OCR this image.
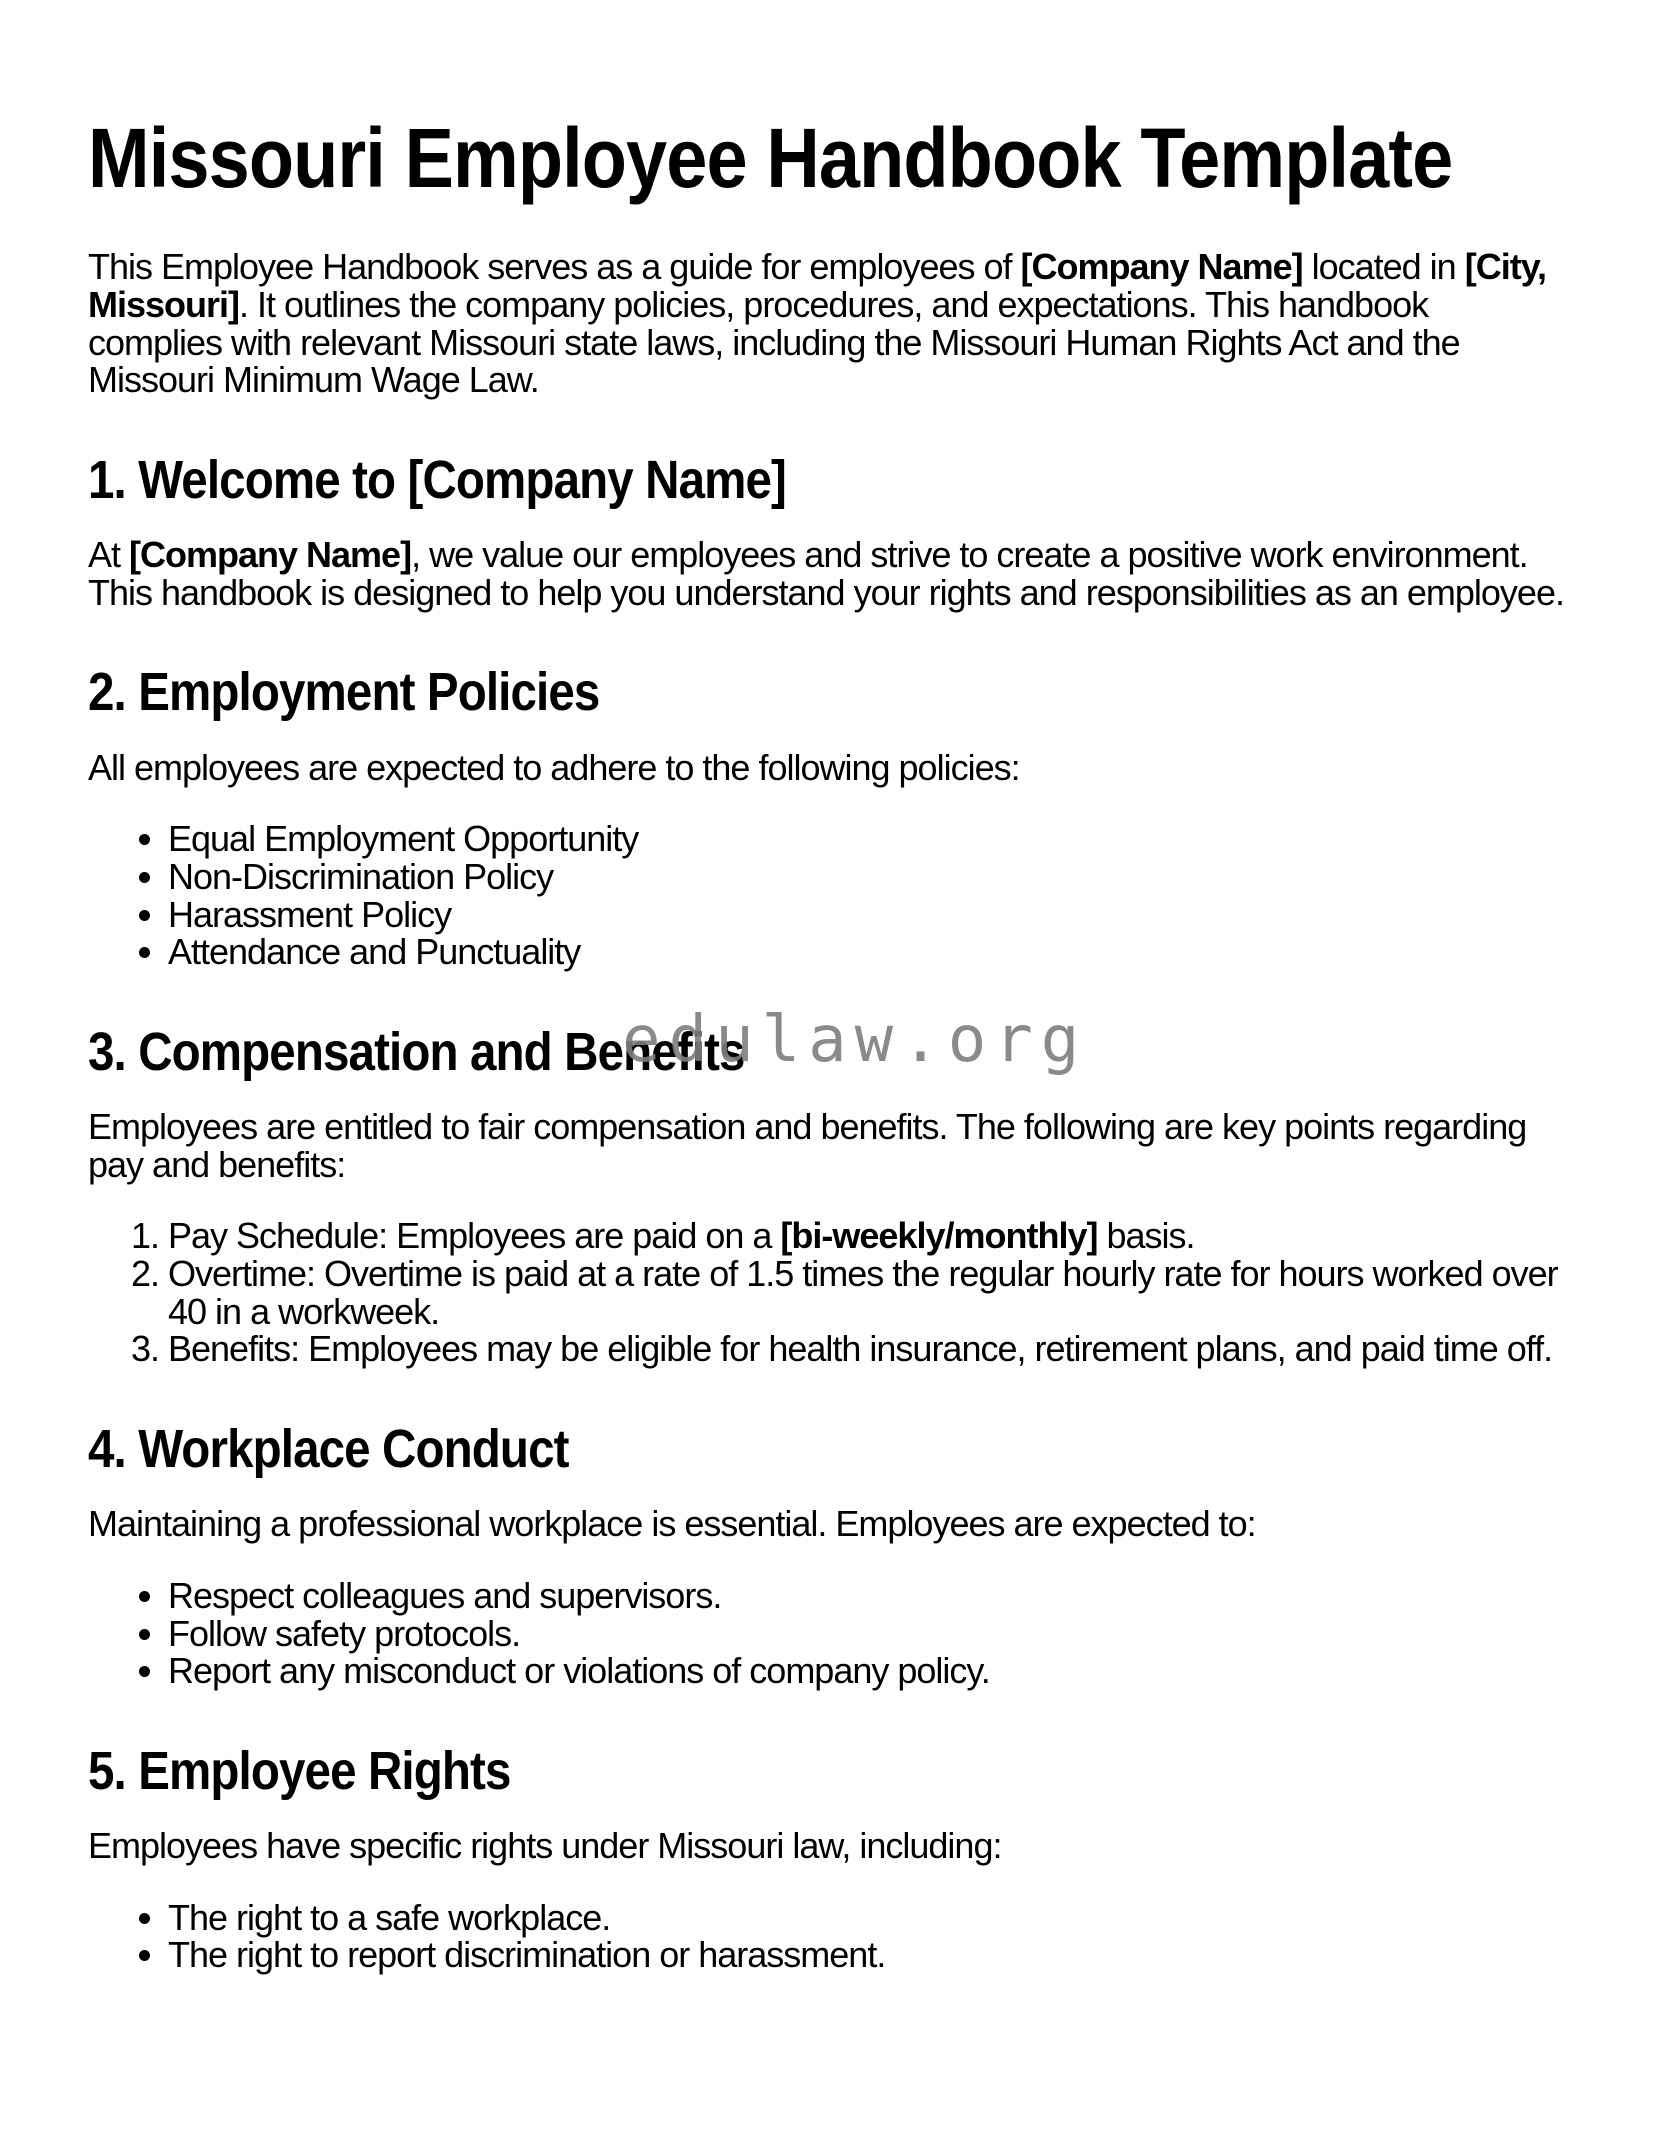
Missouri Employee Handbook Template

This Employee Handbook serves as a guide for employees of [Company Name] located in [City, Missouri]. It outlines the company policies, procedures, and expectations. This handbook complies with relevant Missouri state laws, including the Missouri Human Rights Act and the Missouri Minimum Wage Law.

1. Welcome to [Company Name]

At [Company Name], we value our employees and strive to create a positive work environment. This handbook is designed to help you understand your rights and responsibilities as an employee.

2. Employment Policies

All employees are expected to adhere to the following policies:

• Equal Employment Opportunity
• Non-Discrimination Policy
• Harassment Policy
• Attendance and Punctuality
3. Compensation and Benefits
edulaw.org

Employees are entitled to fair compensation and benefits. The following are key points regarding pay and benefits:

1. Pay Schedule: Employees are paid on a [bi-weekly/monthly] basis.
2. Overtime: Overtime is paid at a rate of 1.5 times the regular hourly rate for hours worked over 40 in a workweek.
3. Benefits: Employees may be eligible for health insurance, retirement plans, and paid time off.
4. Workplace Conduct

Maintaining a professional workplace is essential. Employees are expected to:

• Respect colleagues and supervisors.
• Follow safety protocols.
• Report any misconduct or violations of company policy.
5. Employee Rights

Employees have specific rights under Missouri law, including:

• The right to a safe workplace.
• The right to report discrimination or harassment.
